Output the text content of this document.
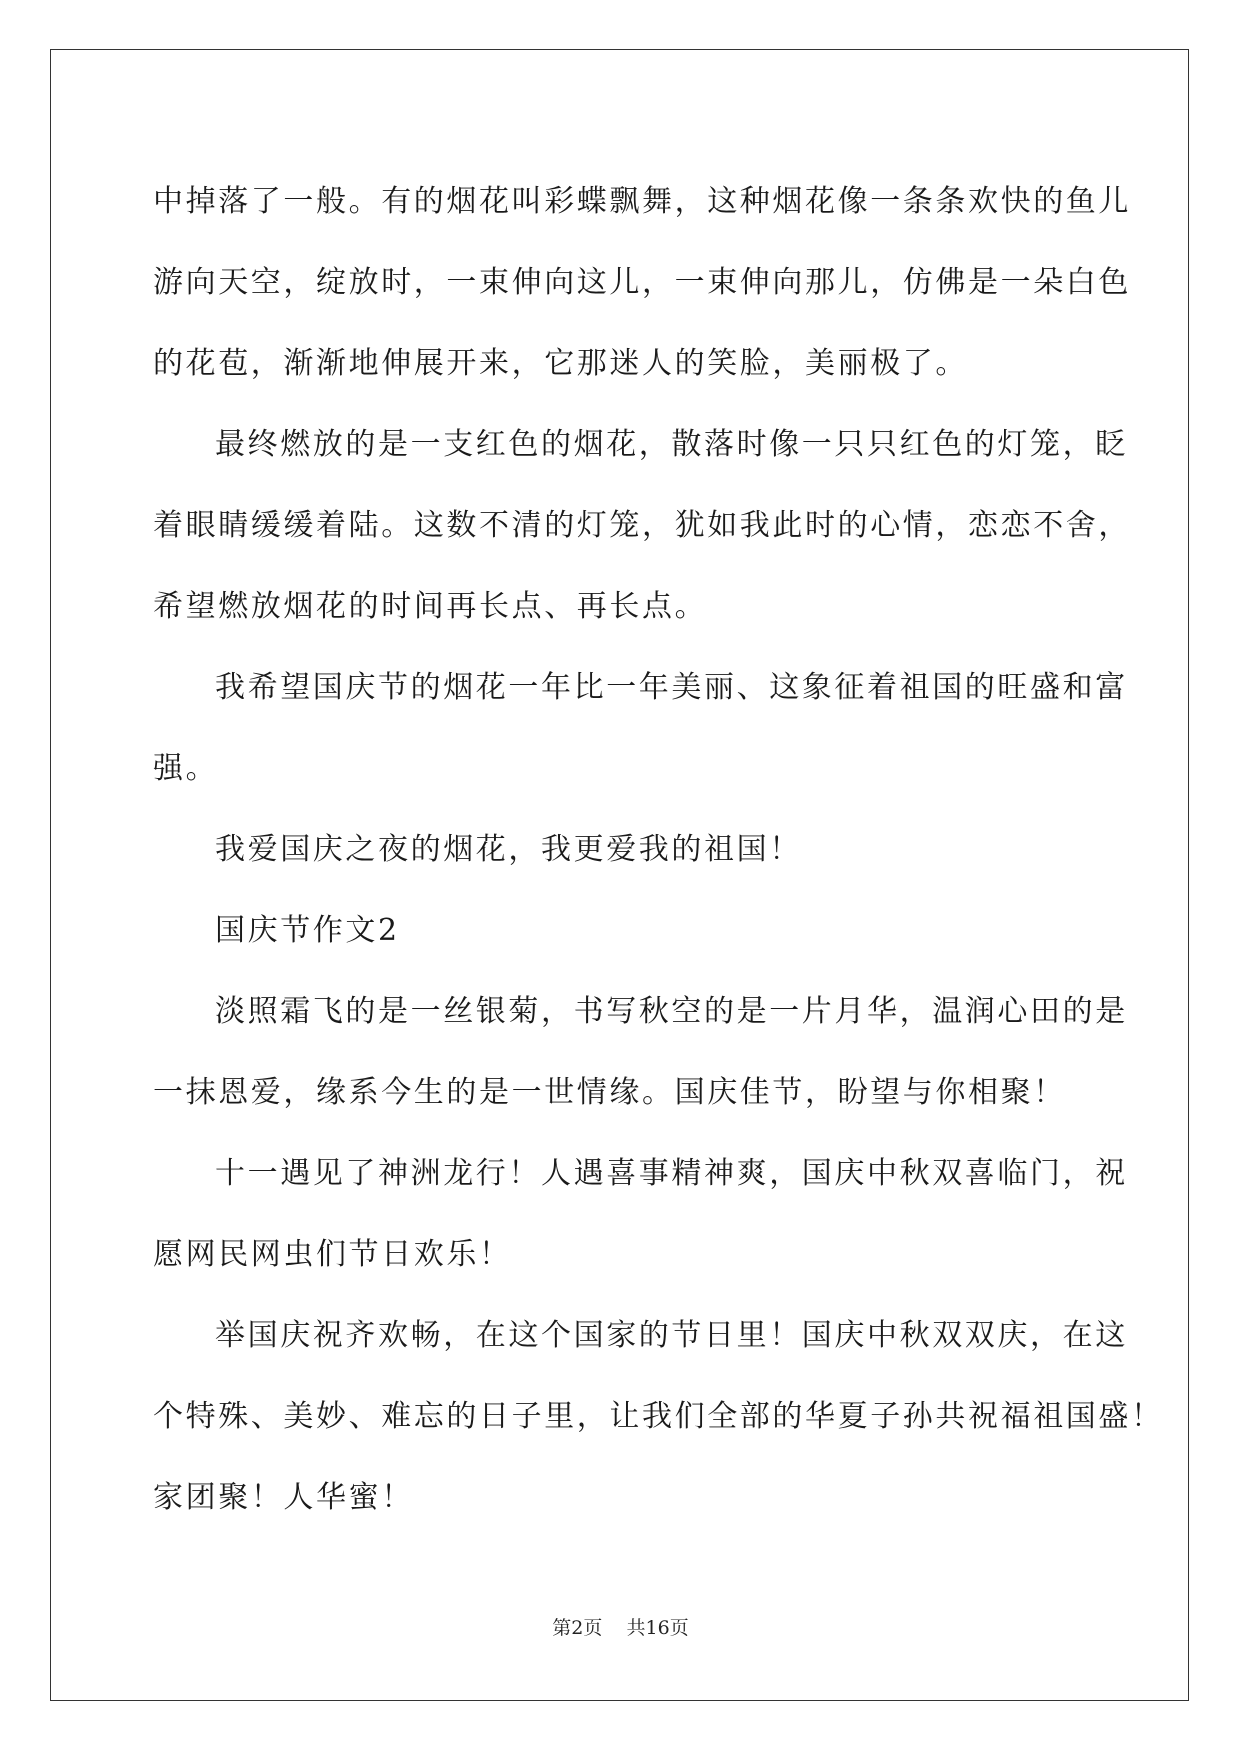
中掉落了一般。有的烟花叫彩蝶飘舞，这种烟花像一条条欢快的鱼儿
游向天空，绽放时，一束伸向这儿，一束伸向那儿，仿佛是一朵白色
的花苞，渐渐地伸展开来，它那迷人的笑脸，美丽极了。
最终燃放的是一支红色的烟花，散落时像一只只红色的灯笼，眨
着眼睛缓缓着陆。这数不清的灯笼，犹如我此时的心情，恋恋不舍，
希望燃放烟花的时间再长点、再长点。
我希望国庆节的烟花一年比一年美丽、这象征着祖国的旺盛和富
强。
我爱国庆之夜的烟花，我更爱我的祖国！
国庆节作文2
淡照霜飞的是一丝银菊，书写秋空的是一片月华，温润心田的是
一抹恩爱，缘系今生的是一世情缘。国庆佳节，盼望与你相聚！
十一遇见了神洲龙行！人遇喜事精神爽，国庆中秋双喜临门，祝
愿网民网虫们节日欢乐！
举国庆祝齐欢畅，在这个国家的节日里！国庆中秋双双庆，在这
个特殊、美妙、难忘的日子里，让我们全部的华夏子孙共祝福祖国盛！
家团聚！人华蜜！
第2页 共16页
